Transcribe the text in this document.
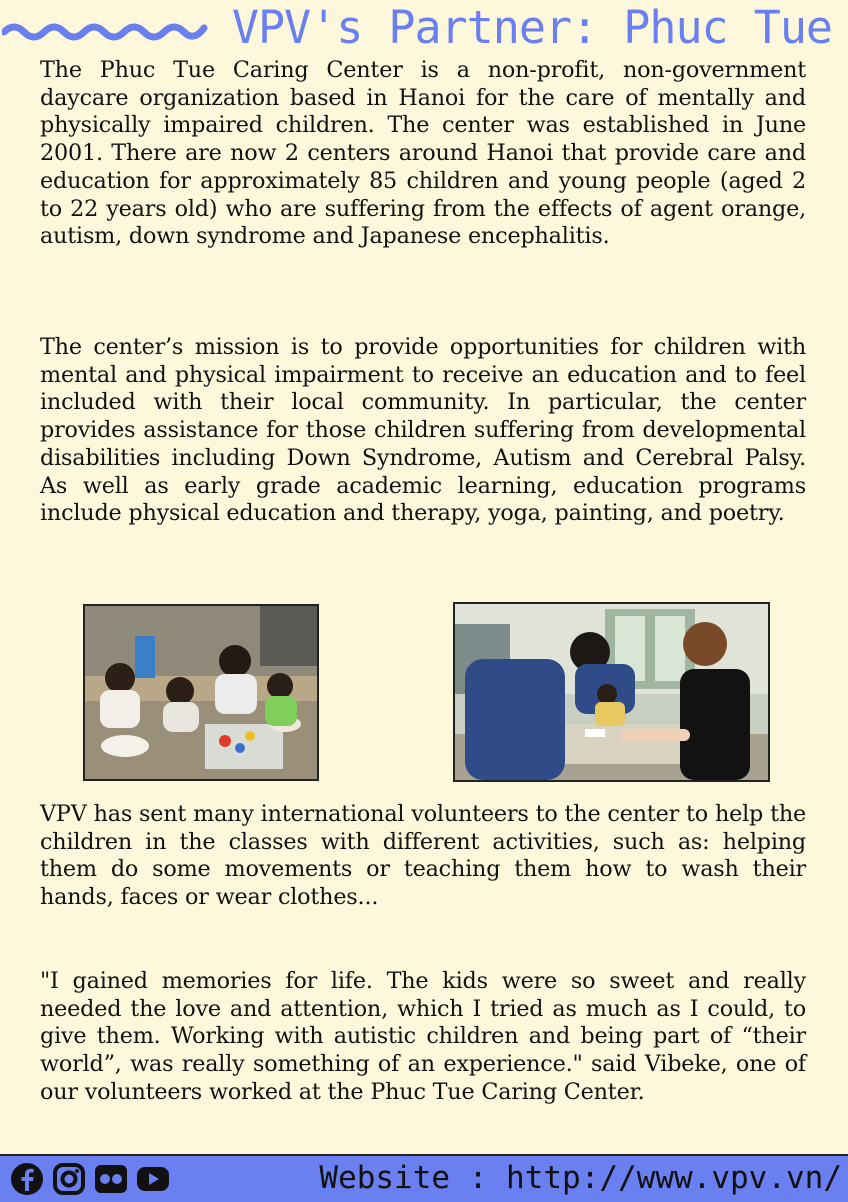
VPV's Partner: Phuc Tue

The Phuc Tue Caring Center is a non-profit, non-government daycare organization based in Hanoi for the care of mentally and physically impaired children. The center was established in June 2001. There are now 2 centers around Hanoi that provide care and education for approximately 85 children and young people (aged 2 to 22 years old) who are suffering from the effects of agent orange, autism, down syndrome and Japanese encephalitis.

The center’s mission is to provide opportunities for children with mental and physical impairment to receive an education and to feel included with their local community. In particular, the center provides assistance for those children suffering from developmental disabilities including Down Syndrome, Autism and Cerebral Palsy. As well as early grade academic learning, education programs include physical education and therapy, yoga, painting, and poetry.

VPV has sent many international volunteers to the center to help the children in the classes with different activities, such as: helping them do some movements or teaching them how to wash their hands, faces or wear clothes...

"I gained memories for life. The kids were so sweet and really needed the love and attention, which I tried as much as I could, to give them. Working with autistic children and being part of “their world”, was really something of an experience." said Vibeke, one of our volunteers worked at the Phuc Tue Caring Center.

Website : http://www.vpv.vn/
